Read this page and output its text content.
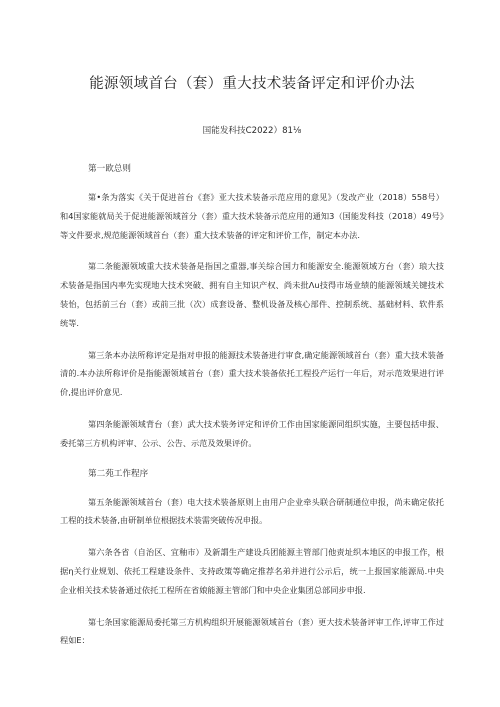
能源领域首台（套）重大技术装备评定和评价办法

国能发科技C2022）81⅛

第一欧总则

第•条为落实《关于促进首台《套》亚大技术装备示范应用的意见》（发改产业（2018）558号）和4国家能就局关于促进能源领域首分（套）重大技术装备示范应用的通知3（国能发科技（2018）49号》等文件要求,规范能源领域首台（套）重大技术装备的评定和评价工作，制定本办法.

第二条能源领域重大技术装备是指国之重器,事关综合国力和能源安全.能源领域方台（套）琅大技术装备是指国内率先实现地大技术突破、拥有自主知识产权、尚未批Λu技得市场业绩的能源领域关键技术装怡，包括前三台（套）或前三批（次）成套设备、整机设备及核心部件、控制系统、基础材料、软件系统等.

第三条本办法所称评定是指对申报的能源技术装备进行审食,确定能源领域首台（套）重大技术装备清的.本办法所称评价是指能源领域首台（套）重大技术装备依托工程投产运行一年后，对示范效果进行评价,提出评价意见.

第四条能源领域背台（套）武大技术装务评定和评价工作由国家能源同组织实施，主要包括申报、委托第三方机构评审、公示、公告、示范及效果评价。

第二苑工作程序

第五条能源领域首台（套）电大技术装备原则上由用户企业牵头联合研制通位申报，尚未确定依托工程的技术装备,由研制单位根据技术装需突破传况申报。

第六条各省（自治区、宜釉市）及新謂生产建设兵团能源主管部门他责址织本地区的申报工作，根据η关行业规划、依托工程建设条件、支持政策等确定推荐名弟并进行公示后，统一上报国家能源局.中央企业相关技术装备通过依托工程所在省娘能源主管部门和中央企业集团总部同步申报.

第七条国家能源局委托第三方机构组织开展能源领域首台（套）更大技术装备评审工作,评审工作过程如E：
